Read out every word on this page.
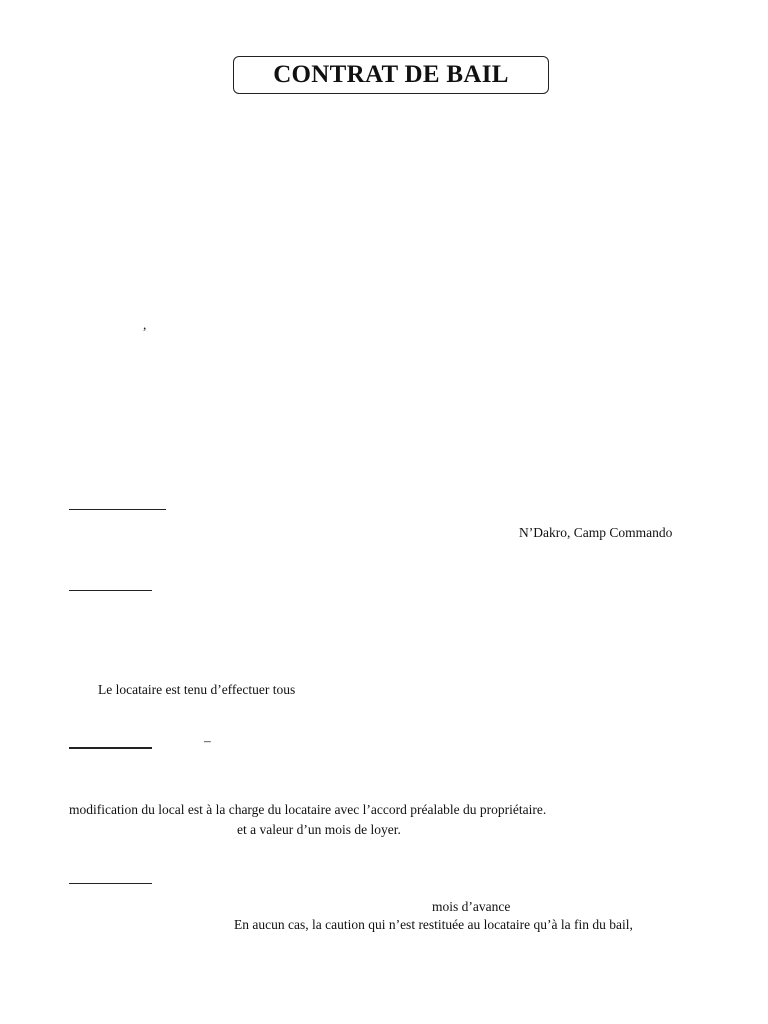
CONTRAT DE BAIL
,
N’Dakro, Camp Commando
Le locataire est tenu d’effectuer tous
–
modification du local est à la charge du locataire avec l’accord préalable du propriétaire.
et a valeur d’un mois de loyer.
mois d’avance
En aucun cas, la caution qui n’est restituée au locataire qu’à la fin du bail,
